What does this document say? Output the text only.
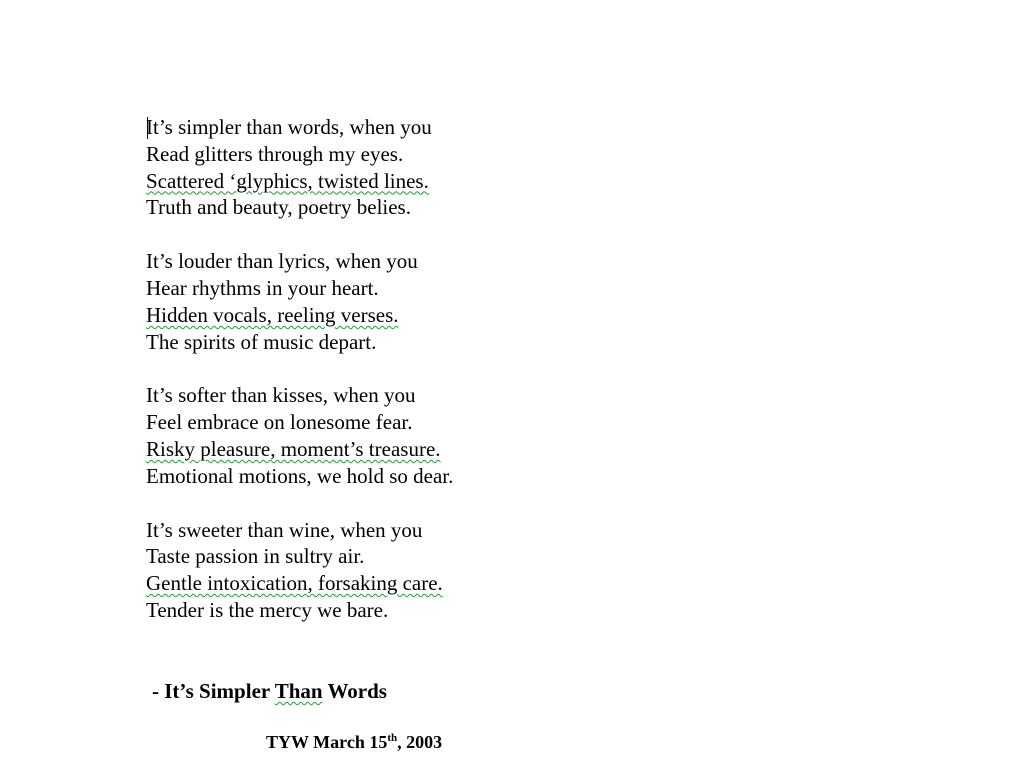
It’s simpler than words, when you
Read glitters through my eyes.
Scattered ‘glyphics, twisted lines.
Truth and beauty, poetry belies.
It’s louder than lyrics, when you
Hear rhythms in your heart.
Hidden vocals, reeling verses.
The spirits of music depart.
It’s softer than kisses, when you
Feel embrace on lonesome fear.
Risky pleasure, moment’s treasure.
Emotional motions, we hold so dear.
It’s sweeter than wine, when you
Taste passion in sultry air.
Gentle intoxication, forsaking care.
Tender is the mercy we bare.
- It’s Simpler Than Words
TYW March 15th, 2003
